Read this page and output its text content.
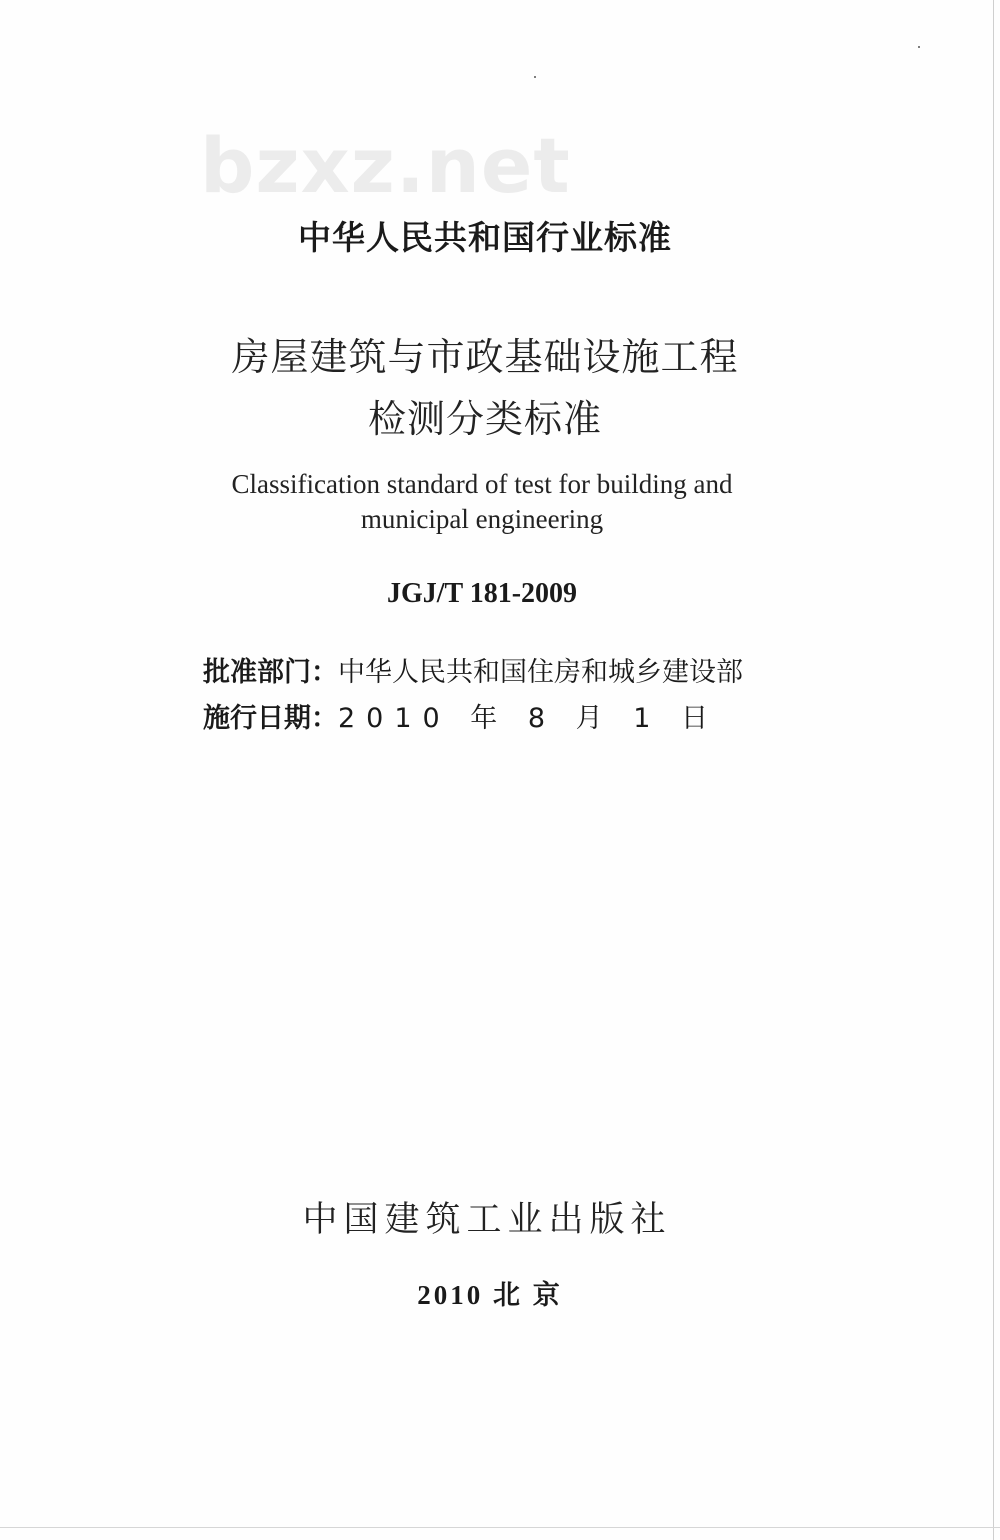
bzxz.net
中华人民共和国行业标准
房屋建筑与市政基础设施工程
检测分类标准
Classification standard of test for building and
municipal engineering
JGJ/T 181-2009
批准部门：中华人民共和国住房和城乡建设部
施行日期：2010 年 8 月 1 日
中国建筑工业出版社
2010 北 京
